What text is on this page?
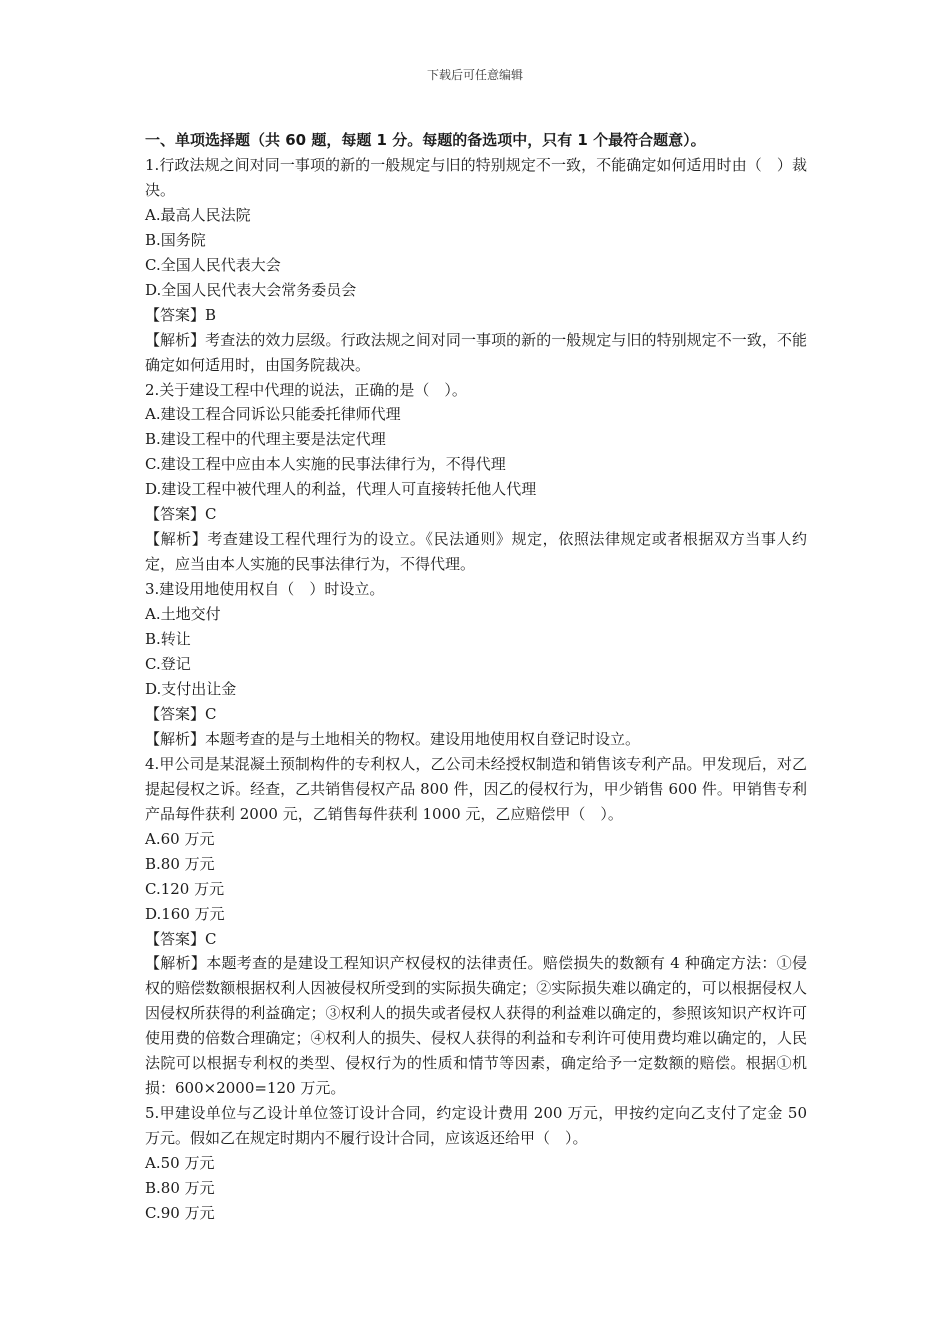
下载后可任意编辑
一、单项选择题（共 60 题，每题 1 分。每题的备选项中，只有 1 个最符合题意）。
1.行政法规之间对同一事项的新的一般规定与旧的特别规定不一致，不能确定如何适用时由（　）裁决。
A.最高人民法院
B.国务院
C.全国人民代表大会
D.全国人民代表大会常务委员会
【答案】B
【解析】考查法的效力层级。行政法规之间对同一事项的新的一般规定与旧的特别规定不一致，不能确定如何适用时，由国务院裁决。
2.关于建设工程中代理的说法，正确的是（　）。
A.建设工程合同诉讼只能委托律师代理
B.建设工程中的代理主要是法定代理
C.建设工程中应由本人实施的民事法律行为，不得代理
D.建设工程中被代理人的利益，代理人可直接转托他人代理
【答案】C
【解析】考查建设工程代理行为的设立。《民法通则》规定，依照法律规定或者根据双方当事人约定，应当由本人实施的民事法律行为，不得代理。
3.建设用地使用权自（　）时设立。
A.土地交付
B.转让
C.登记
D.支付出让金
【答案】C
【解析】本题考查的是与土地相关的物权。建设用地使用权自登记时设立。
4.甲公司是某混凝土预制构件的专利权人，乙公司未经授权制造和销售该专利产品。甲发现后，对乙提起侵权之诉。经查，乙共销售侵权产品 800 件，因乙的侵权行为，甲少销售 600 件。甲销售专利产品每件获利 2000 元，乙销售每件获利 1000 元，乙应赔偿甲（　）。
A.60 万元
B.80 万元
C.120 万元
D.160 万元
【答案】C
【解析】本题考查的是建设工程知识产权侵权的法律责任。赔偿损失的数额有 4 种确定方法：①侵权的赔偿数额根据权利人因被侵权所受到的实际损失确定；②实际损失难以确定的，可以根据侵权人因侵权所获得的利益确定；③权利人的损失或者侵权人获得的利益难以确定的，参照该知识产权许可使用费的倍数合理确定；④权利人的损失、侵权人获得的利益和专利许可使用费均难以确定的，人民法院可以根据专利权的类型、侵权行为的性质和情节等因素，确定给予一定数额的赔偿。根据①机损：600×2000=120 万元。
5.甲建设单位与乙设计单位签订设计合同，约定设计费用 200 万元，甲按约定向乙支付了定金 50 万元。假如乙在规定时期内不履行设计合同，应该返还给甲（　）。
A.50 万元
B.80 万元
C.90 万元
